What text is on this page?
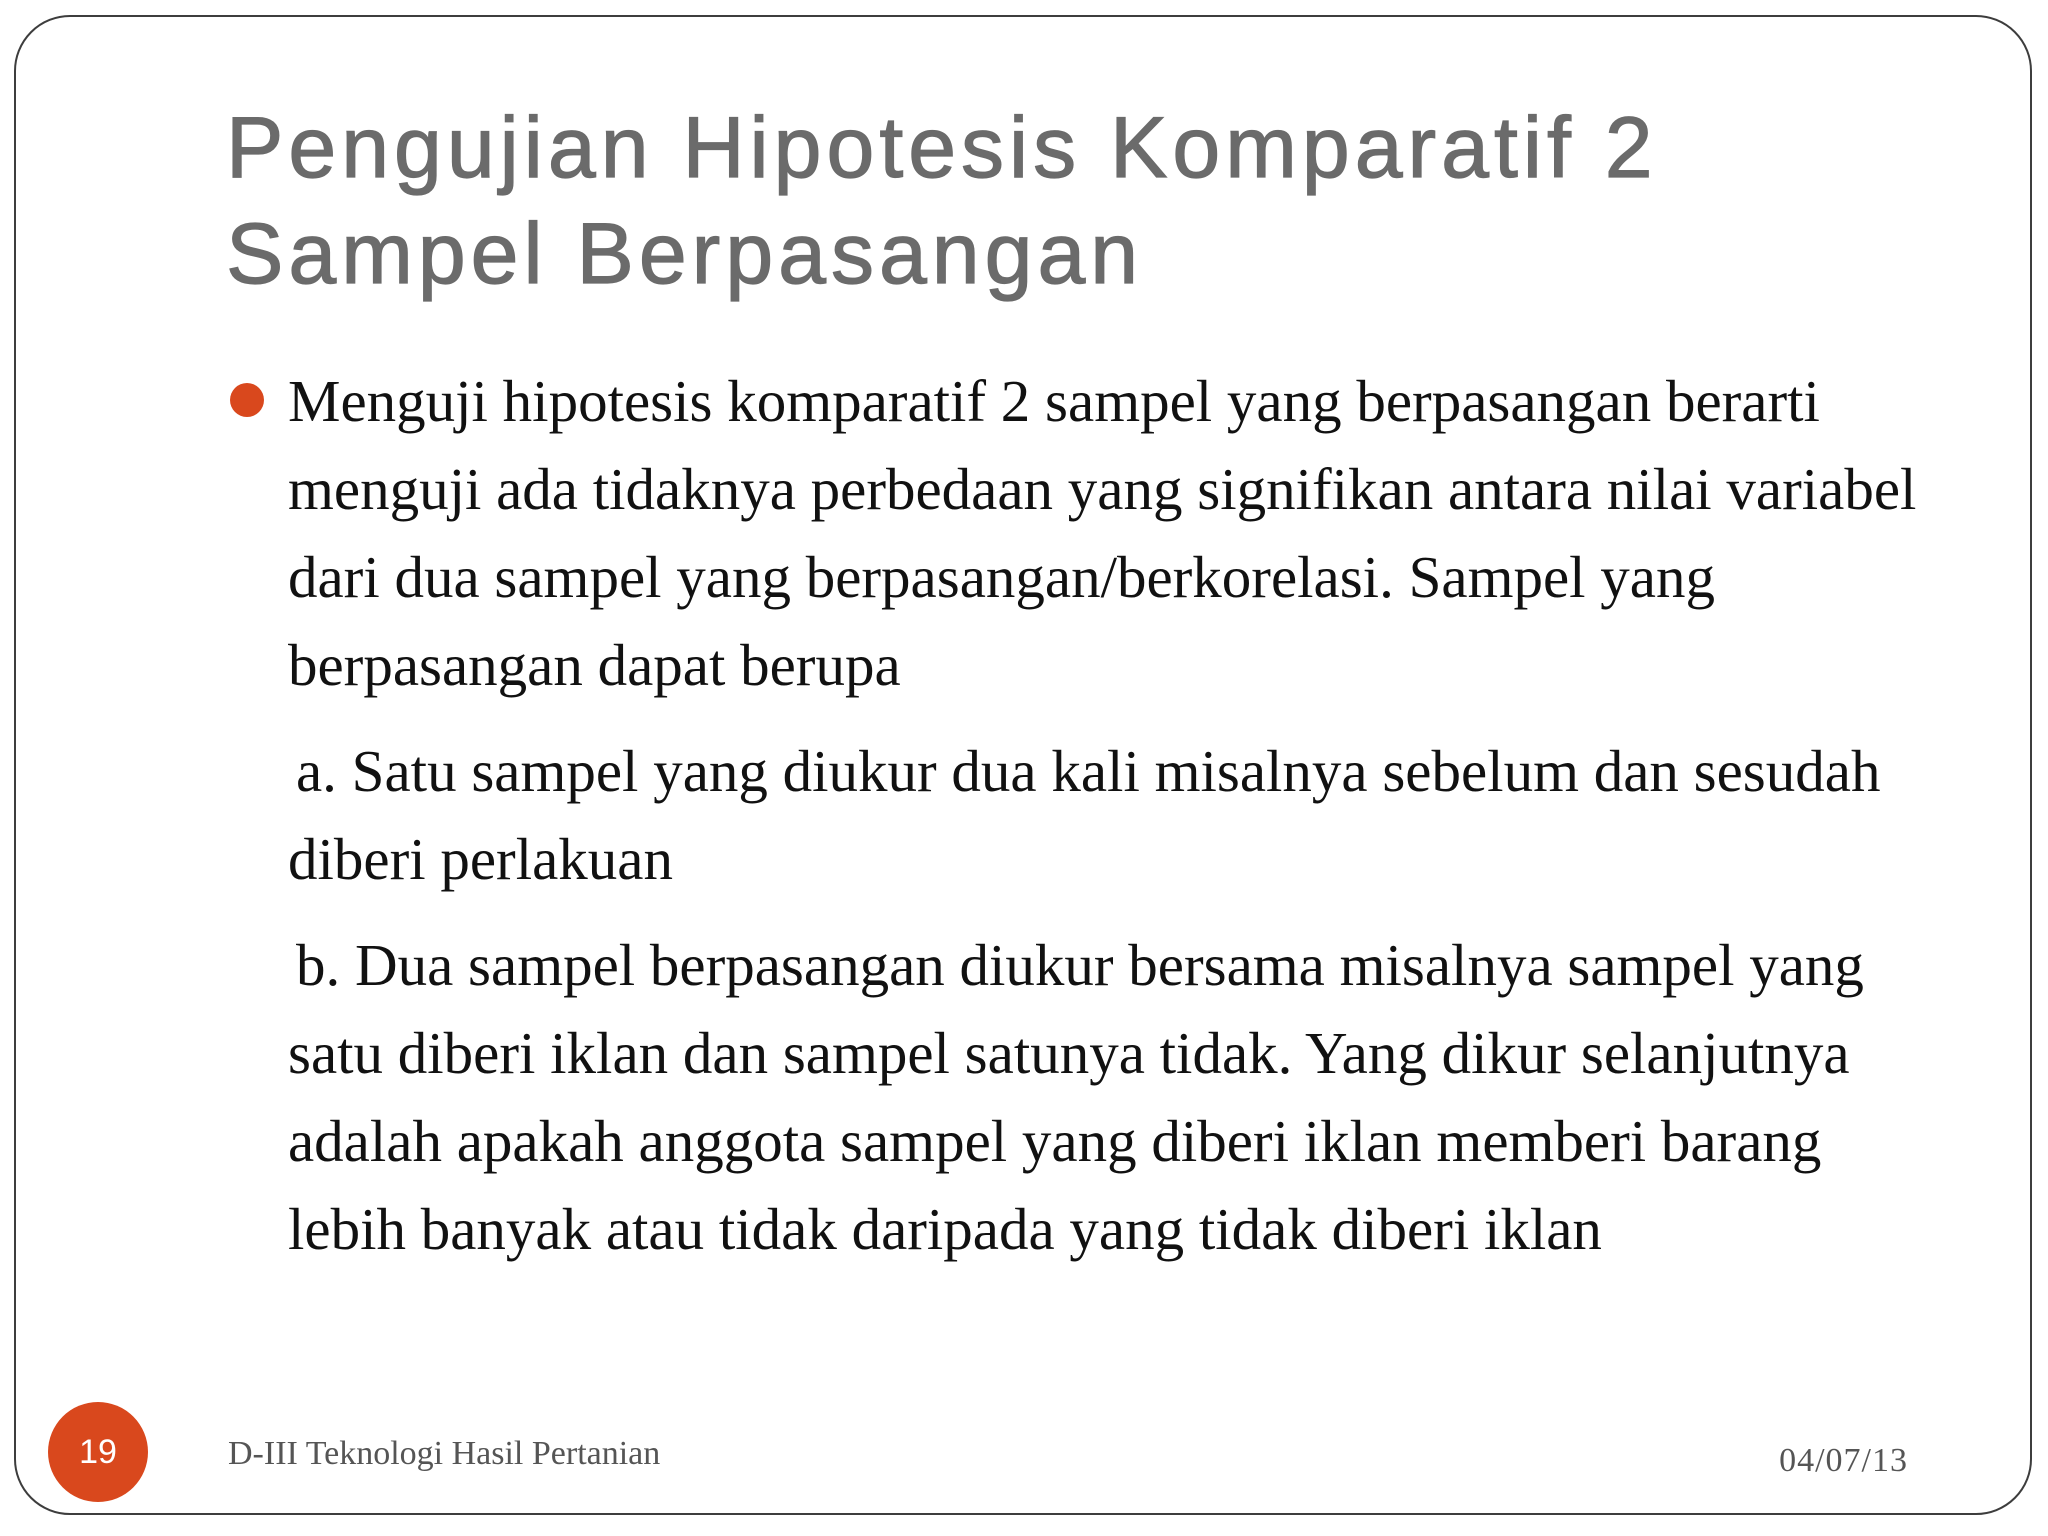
Pengujian Hipotesis Komparatif 2 Sampel Berpasangan

Menguji hipotesis komparatif 2 sampel yang berpasangan berarti menguji ada tidaknya perbedaan yang signifikan antara nilai variabel dari dua sampel yang berpasangan/berkorelasi. Sampel yang berpasangan dapat berupa

a. Satu sampel yang diukur dua kali misalnya sebelum dan sesudah diberi perlakuan

b. Dua sampel berpasangan diukur bersama misalnya sampel yang satu diberi iklan dan sampel satunya tidak. Yang dikur selanjutnya adalah apakah anggota sampel yang diberi iklan memberi barang lebih banyak atau tidak daripada yang tidak diberi iklan

19	D-III Teknologi Hasil Pertanian	04/07/13
